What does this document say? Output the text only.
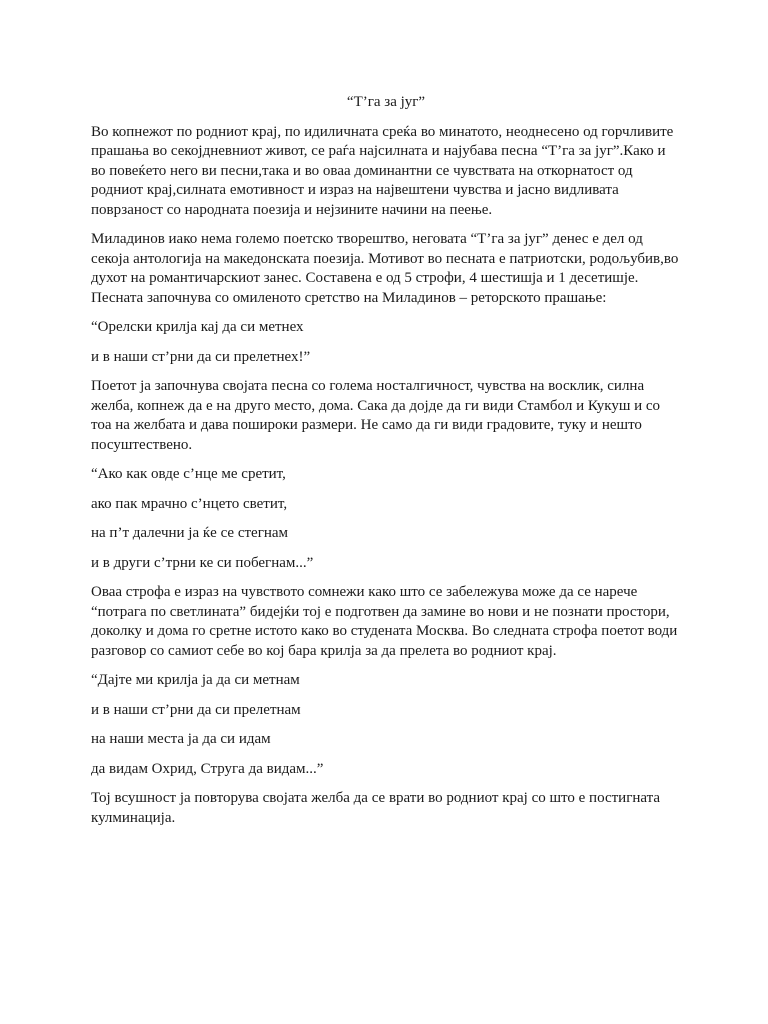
“Т’га за југ”

Во копнежот по родниот крај, по идиличната среќа во минатото, неоднесено од горчливите прашања во секојдневниот живот, се раѓа најсилната и најубава песна “Т’га за југ”.Како и во повеќето него ви песни,така и во оваа доминантни се чувствата на откорнатост од родниот крај,силната емотивност и израз на највештени чувства и јасно видливата поврзаност со народната поезија и нејзините начини на пеење.

Миладинов иако нема големо поетско творештво, неговата “Т’га за југ” денес е дел од секоја антологија на македонската поезија. Мотивот во песната е патриотски, родољубив,во духот на романтичарскиот занес. Составена е од 5 строфи, 4 шестишја и 1 десетишје. Песната започнува со омиленото сретство на Миладинов – реторското прашање:

“Орелски крилја кај да си метнех

и в наши ст’рни да си прелетнех!”

Поетот ја започнува својата песна со голема носталгичност, чувства на восклик, силна желба, копнеж да е на друго место, дома. Сака да дојде да ги види Стамбол и Кукуш и со тоа на желбата и дава пошироки размери. Не само да ги види градовите, туку и нешто посуштествено.

“Ако как овде с’нце ме сретит,

ако пак мрачно с’нцето светит,

на п’т далечни ја ќе се стегнам

и в други с’трни ке си побегнам...”

Оваа строфа е израз на чувството сомнежи како што се забележува може да се нарече “потрага по светлината” бидејќи тој е подготвен да замине во нови и не познати простори, доколку и дома го сретне истото како во студената Москва. Во следната строфа поетот води разговор со самиот себе во кој бара крилја за да прелета во родниот крај.

“Дајте ми крилја ја да си метнам

и в наши ст’рни да си прелетнам

на наши места ја да си идам

да видам Охрид, Струга да видам...”

Тој всушност ја повторува својата желба да се врати во родниот крај со што е постигната кулминација.
